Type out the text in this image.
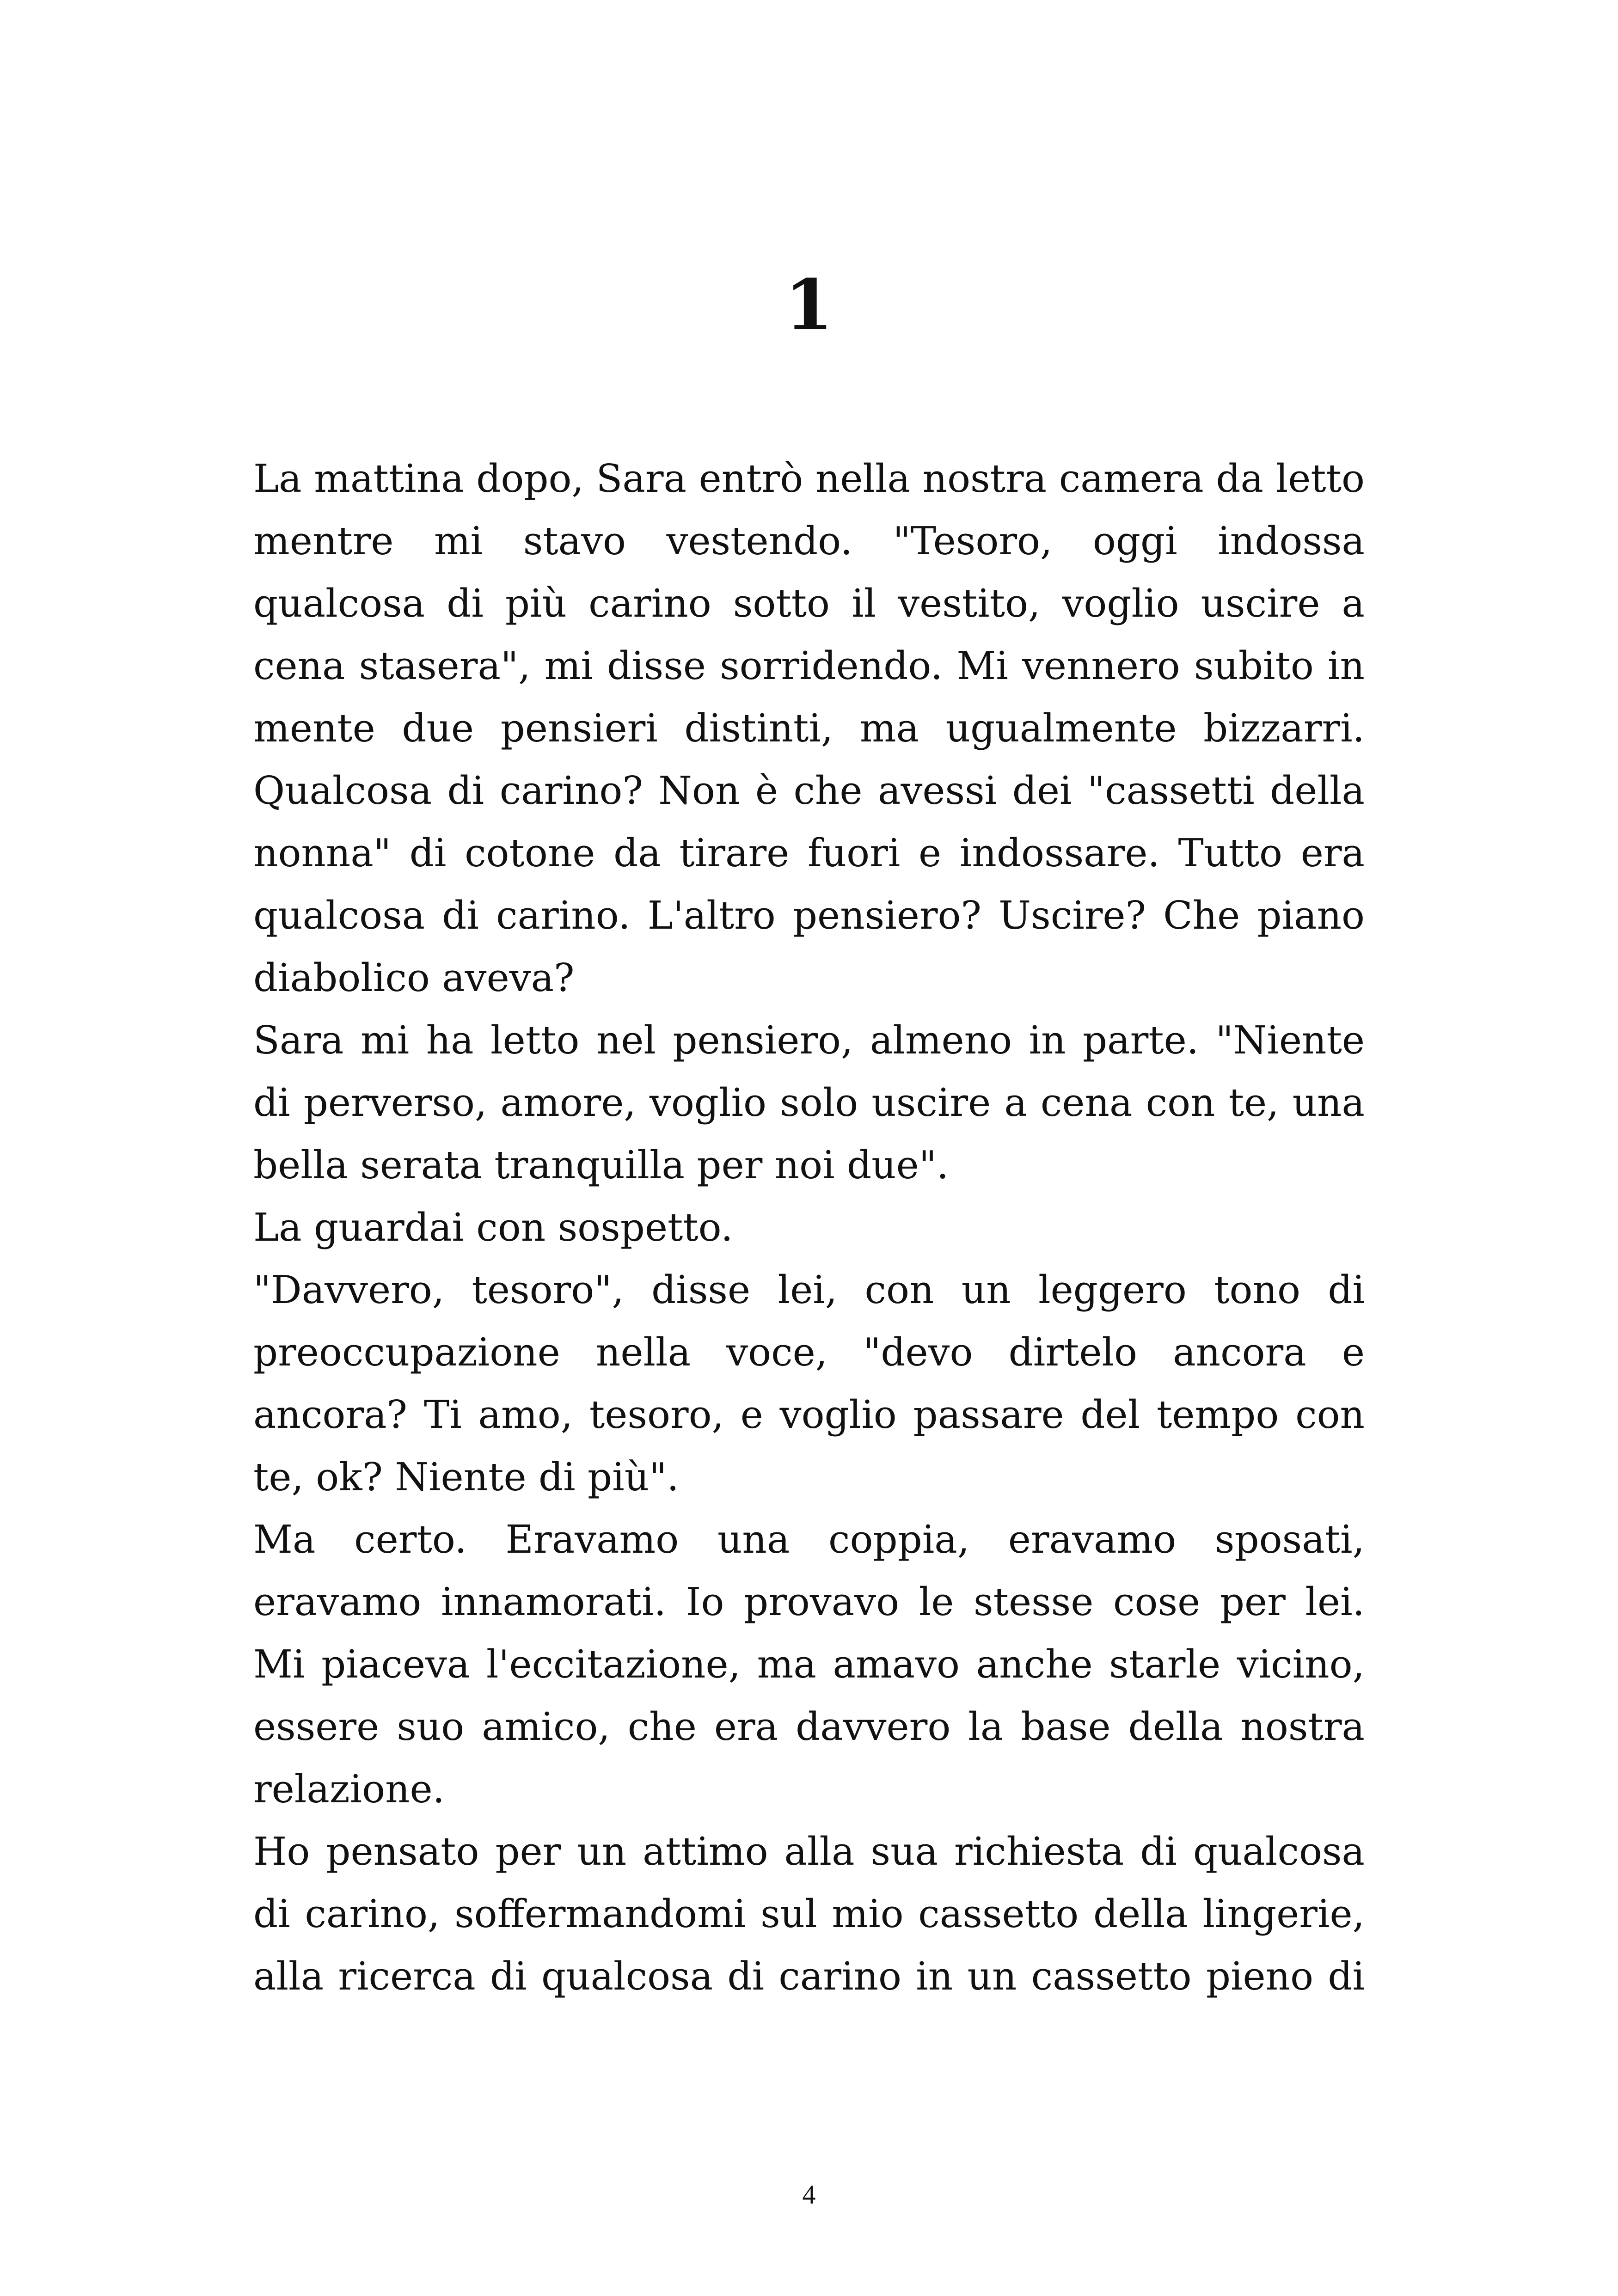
1

La mattina dopo, Sara entrò nella nostra camera da letto mentre mi stavo vestendo. "Tesoro, oggi indossa qualcosa di più carino sotto il vestito, voglio uscire a cena stasera", mi disse sorridendo. Mi vennero subito in mente due pensieri distinti, ma ugualmente bizzarri. Qualcosa di carino? Non è che avessi dei "cassetti della nonna" di cotone da tirare fuori e indossare. Tutto era qualcosa di carino. L'altro pensiero? Uscire? Che piano diabolico aveva?

Sara mi ha letto nel pensiero, almeno in parte. "Niente di perverso, amore, voglio solo uscire a cena con te, una bella serata tranquilla per noi due".

La guardai con sospetto.

"Davvero, tesoro", disse lei, con un leggero tono di preoccupazione nella voce, "devo dirtelo ancora e ancora? Ti amo, tesoro, e voglio passare del tempo con te, ok? Niente di più".

Ma certo. Eravamo una coppia, eravamo sposati, eravamo innamorati. Io provavo le stesse cose per lei. Mi piaceva l'eccitazione, ma amavo anche starle vicino, essere suo amico, che era davvero la base della nostra relazione.

Ho pensato per un attimo alla sua richiesta di qualcosa di carino, soffermandomi sul mio cassetto della lingerie, alla ricerca di qualcosa di carino in un cassetto pieno di

4
